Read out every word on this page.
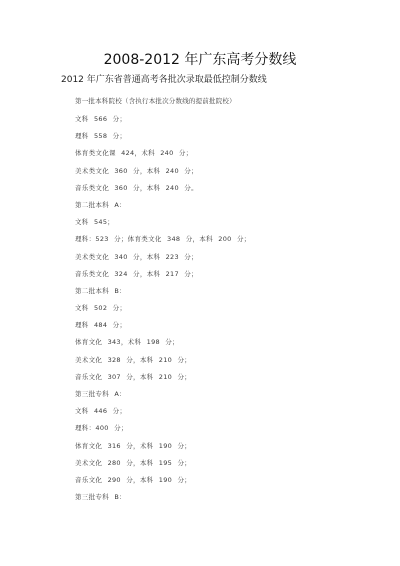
2008-2012 年广东高考分数线
2012 年广东省普通高考各批次录取最低控制分数线
第一批本科院校（含执行本批次分数线的提前批院校）
文科 566 分；
理科 558 分；
体育类文化课 424，术科 240 分；
美术类文化 360 分，本科 240 分；
音乐类文化 360 分，本科 240 分。
第二批本科 A：
文科 545；
理科：523 分；体育类文化 348 分，本科 200 分；
美术类文化 340 分，本科 223 分；
音乐类文化 324 分，本科 217 分；
第二批本科 B：
文科 502 分；
理科 484 分；
体育文化 343，术科 198 分；
美术文化 328 分，本科 210 分；
音乐文化 307 分，本科 210 分；
第三批专科 A：
文科 446 分；
理科：400 分；
体育文化 316 分，术科 190 分；
美术文化 280 分，本科 195 分；
音乐文化 290 分，本科 190 分；
第三批专科 B：
